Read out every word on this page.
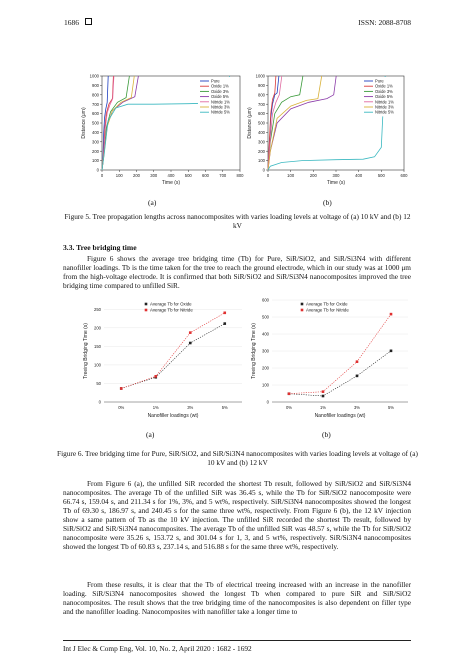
1686	ISSN: 2088-8708
0
100
200
300
400
500
600
700
800
900
1000
0	100 200 300 400 500 600 700 800
Time (s)
Distance (μm)
Pure
Oxide 1%
Oxide 3%
Oxide 5%
Nitride 1%
Nitride 3%
Nitride 5%
0
100
200
300
400
500
600
700
800
900
1000
0	100	200	300	400	500	600
Time (s)
Distance (μm)
Pure
Oxide 1%
Oxide 3%
Oxide 5%
Nitride 1%
Nitride 3%
Nitride 5%
(a)	(b)
Figure 5. Tree propagation lengths across nanocomposites with varies loading levels at voltage of (a) 10 kV and (b) 12 kV
3.3. Tree bridging time

Figure 6 shows the average tree bridging time (Tb) for Pure, SiR/SiO2, and SiR/Si3N4 with different nanofiller loadings. Tb is the time taken for the tree to reach the ground electrode, which in our study was at 1000 μm from the high-voltage electrode. It is confirmed that both SiR/SiO2 and SiR/Si3N4 nanocomposites improved the tree bridging time compared to unfilled SiR.

0
50
100
150
200
250
0%	1%	3%	5%
Nanofiller loadings (wt)
Treeing Bridging Time (s)
Average Tb for Oxide
Average Tb for Nitride
0
100
200
300
400
500
600
0%	1%	3%	5%
Nanofiller loadings (wt)
Treeing Bridging Time (s)
Average Tb for Oxide
Average Tb for Nitride
(a)	(b)
Figure 6. Tree bridging time for Pure, SiR/SiO2, and SiR/Si3N4 nanocomposites with varies loading levels at voltage of (a) 10 kV and (b) 12 kV

From Figure 6 (a), the unfilled SiR recorded the shortest Tb result, followed by SiR/SiO2 and SiR/Si3N4 nanocomposites. The average Tb of the unfilled SiR was 36.45 s, while the Tb for SiR/SiO2 nanocomposite were 66.74 s, 159.04 s, and 211.34 s for 1%, 3%, and 5 wt%, respectively. SiR/Si3N4 nanocomposites showed the longest Tb of 69.30 s, 186.97 s, and 240.45 s for the same three wt%, respectively. From Figure 6 (b), the 12 kV injection show a same pattern of Tb as the 10 kV injection. The unfilled SiR recorded the shortest Tb result, followed by SiR/SiO2 and SiR/Si3N4 nanocomposites. The average Tb of the unfilled SiR was 48.57 s, while the Tb for SiR/SiO2 nanocomposite were 35.26 s, 153.72 s, and 301.04 s for 1, 3, and 5 wt%, respectively. SiR/Si3N4 nanocomposites showed the longest Tb of 60.83 s, 237.14 s, and 516.88 s for the same three wt%, respectively.

From these results, it is clear that the Tb of electrical treeing increased with an increase in the nanofiller loading. SiR/Si3N4 nanocomposites showed the longest Tb when compared to pure SiR and SiR/SiO2 nanocomposites. The result shows that the tree bridging time of the nanocomposites is also dependent on filler type and the nanofiller loading. Nanocomposites with nanofiller take a longer time to

Int J Elec & Comp Eng, Vol. 10, No. 2, April 2020 : 1682 - 1692
